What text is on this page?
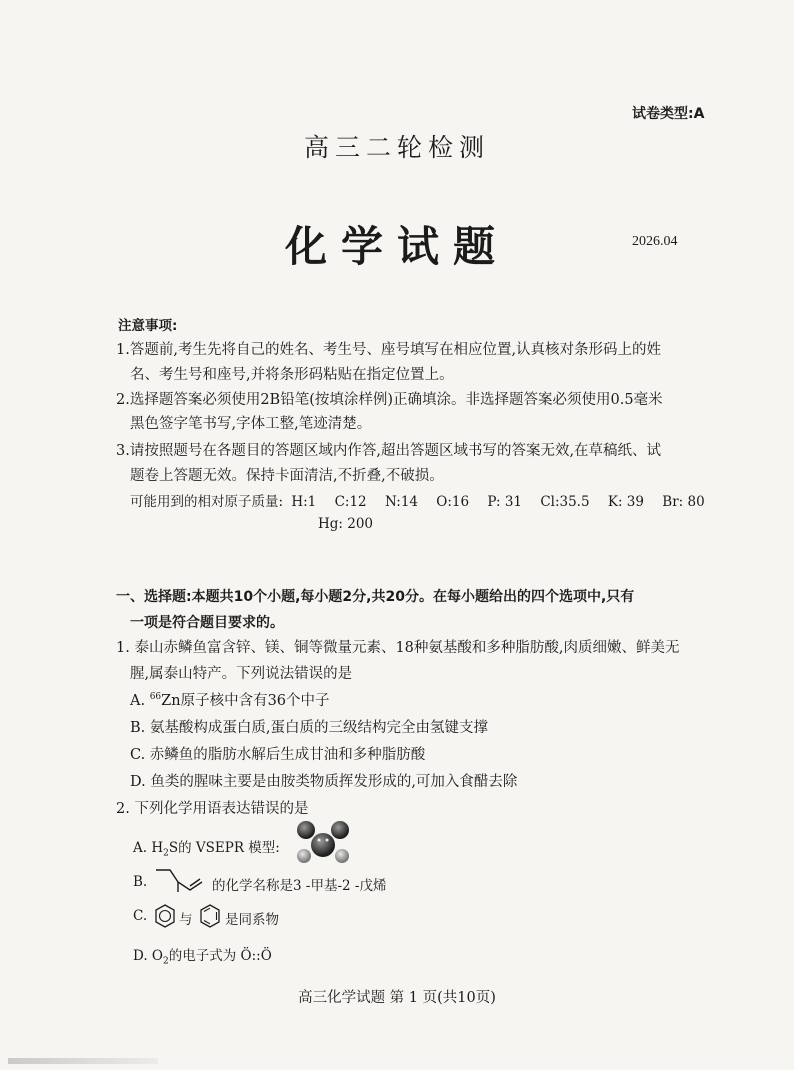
试卷类型:A
高三二轮检测
化学试题	2026.04
注意事项:
1.答题前,考生先将自己的姓名、考生号、座号填写在相应位置,认真核对条形码上的姓
名、考生号和座号,并将条形码粘贴在指定位置上。
2.选择题答案必须使用2B铅笔(按填涂样例)正确填涂。非选择题答案必须使用0.5毫米
黑色签字笔书写,字体工整,笔迹清楚。
3.请按照题号在各题目的答题区域内作答,超出答题区域书写的答案无效,在草稿纸、试
题卷上答题无效。保持卡面清洁,不折叠,不破损。
可能用到的相对原子质量: H:1 C:12 N:14 O:16 P: 31 Cl:35.5 K: 39 Br: 80
Hg: 200
一、选择题:本题共10个小题,每小题2分,共20分。在每小题给出的四个选项中,只有
一项是符合题目要求的。
1. 泰山赤鳞鱼富含锌、镁、铜等微量元素、18种氨基酸和多种脂肪酸,肉质细嫩、鲜美无
腥,属泰山特产。下列说法错误的是
A. $^{66}$Zn原子核中含有36个中子
B. 氨基酸构成蛋白质,蛋白质的三级结构完全由氢键支撑
C. 赤鳞鱼的脂肪水解后生成甘油和多种脂肪酸
D. 鱼类的腥味主要是由胺类物质挥发形成的,可加入食醋去除
2. 下列化学用语表达错误的是
A. $H_2S$的 VSEPR 模型:
B.	的化学名称是3 -甲基-2 -戊烯
C. 与 是同系物
D. $O_2$的电子式为 Ö::Ö
高三化学试题 第 1 页(共10页)
